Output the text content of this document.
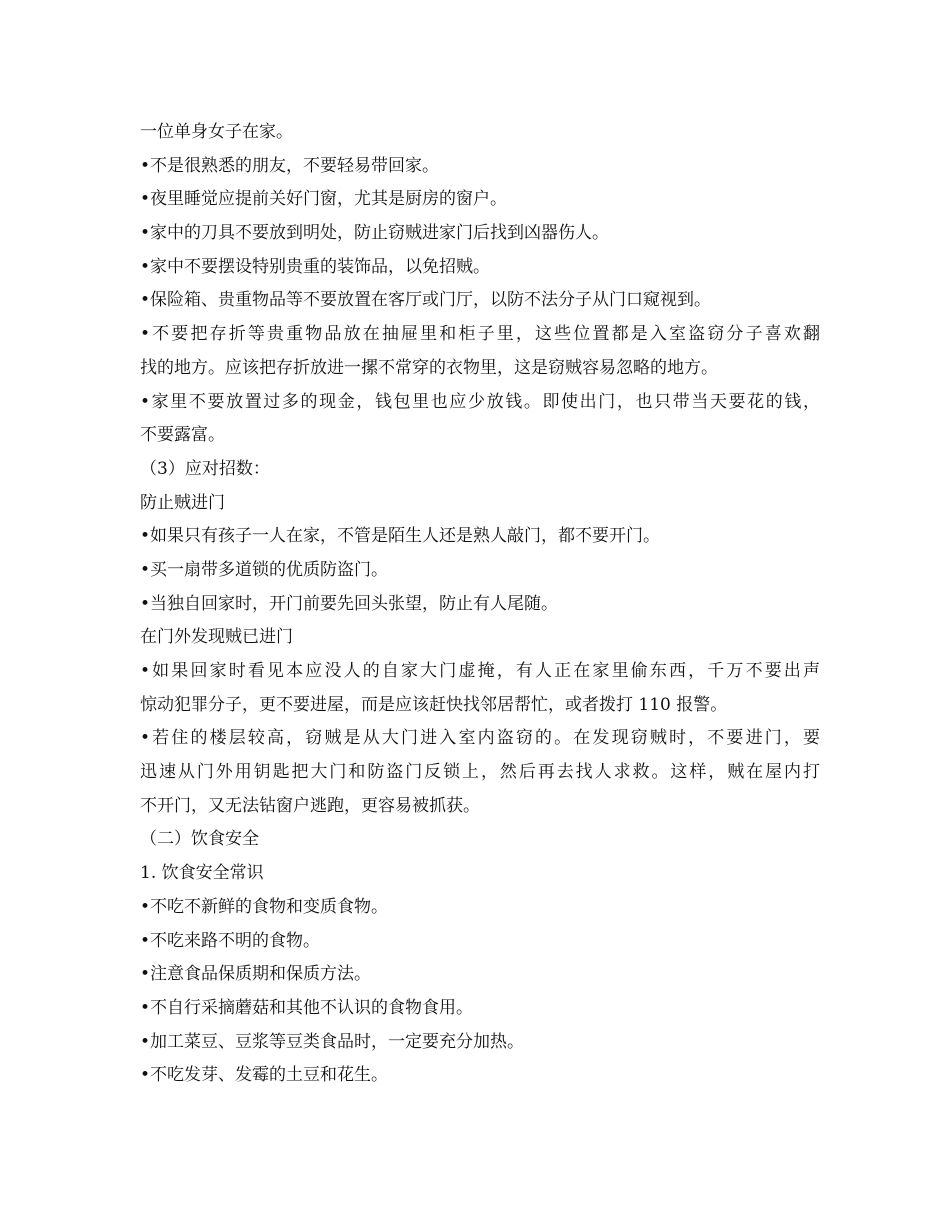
一位单身女子在家。
•不是很熟悉的朋友，不要轻易带回家。
•夜里睡觉应提前关好门窗，尤其是厨房的窗户。
•家中的刀具不要放到明处，防止窃贼进家门后找到凶器伤人。
•家中不要摆设特别贵重的装饰品，以免招贼。
•保险箱、贵重物品等不要放置在客厅或门厅，以防不法分子从门口窥视到。
•不要把存折等贵重物品放在抽屉里和柜子里，这些位置都是入室盗窃分子喜欢翻
找的地方。应该把存折放进一摞不常穿的衣物里，这是窃贼容易忽略的地方。
•家里不要放置过多的现金，钱包里也应少放钱。即使出门，也只带当天要花的钱，
不要露富。
（3）应对招数：
防止贼进门
•如果只有孩子一人在家，不管是陌生人还是熟人敲门，都不要开门。
•买一扇带多道锁的优质防盗门。
•当独自回家时，开门前要先回头张望，防止有人尾随。
在门外发现贼已进门
•如果回家时看见本应没人的自家大门虚掩，有人正在家里偷东西，千万不要出声
惊动犯罪分子，更不要进屋，而是应该赶快找邻居帮忙，或者拨打 110 报警。
•若住的楼层较高，窃贼是从大门进入室内盗窃的。在发现窃贼时，不要进门，要
迅速从门外用钥匙把大门和防盗门反锁上，然后再去找人求救。这样，贼在屋内打
不开门，又无法钻窗户逃跑，更容易被抓获。
（二）饮食安全
1. 饮食安全常识
•不吃不新鲜的食物和变质食物。
•不吃来路不明的食物。
•注意食品保质期和保质方法。
•不自行采摘蘑菇和其他不认识的食物食用。
•加工菜豆、豆浆等豆类食品时，一定要充分加热。
•不吃发芽、发霉的土豆和花生。
